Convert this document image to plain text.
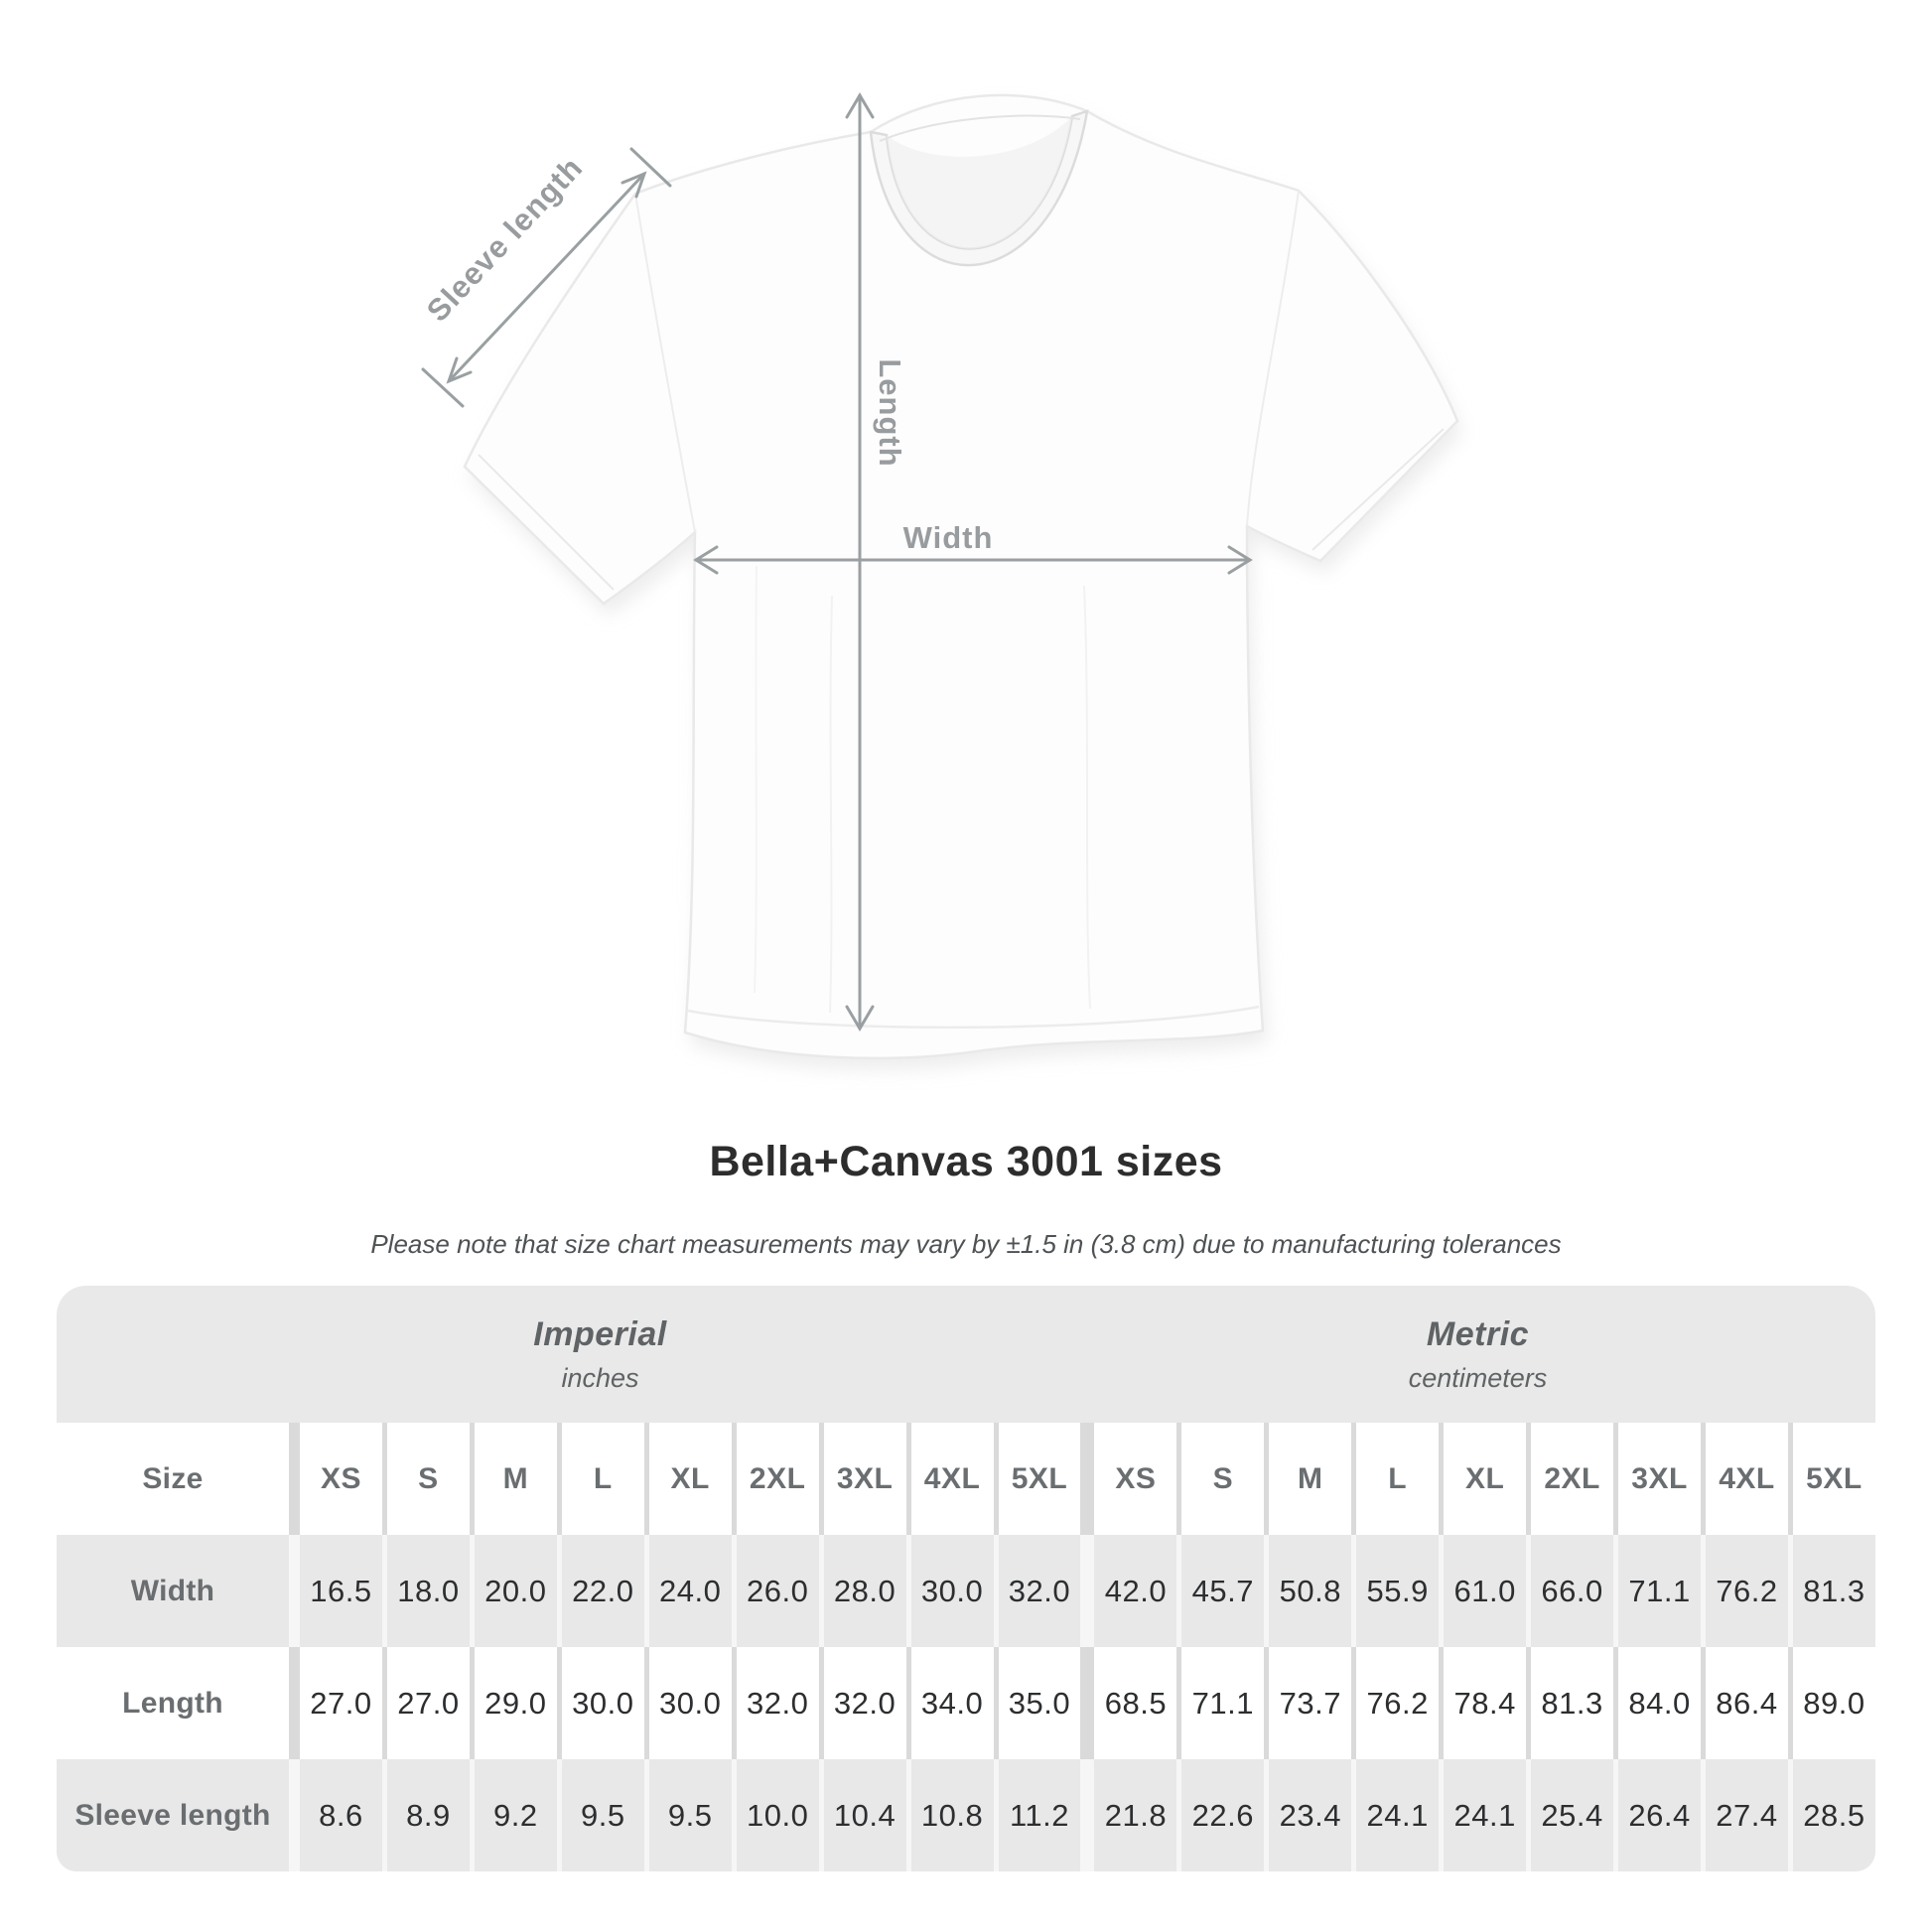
Sleeve length
Length
Width
Bella+Canvas 3001 sizes
Please note that size chart measurements may vary by ±1.5 in (3.8 cm) due to manufacturing tolerances
Imperial
inches
Metric
centimeters
Size	XS S M L XL 2XL 3XL 4XL 5XL XS S M L XL 2XL 3XL 4XL 5XL
Width	16.5 18.0 20.0 22.0 24.0 26.0 28.0 30.0 32.0 42.0 45.7 50.8 55.9 61.0 66.0 71.1 76.2 81.3
Length	27.0 27.0 29.0 30.0 30.0 32.0 32.0 34.0 35.0 68.5 71.1 73.7 76.2 78.4 81.3 84.0 86.4 89.0
Sleeve length 8.6 8.9 9.2 9.5 9.5 10.0 10.4 10.8 11.2 21.8 22.6 23.4 24.1 24.1 25.4 26.4 27.4 28.5
